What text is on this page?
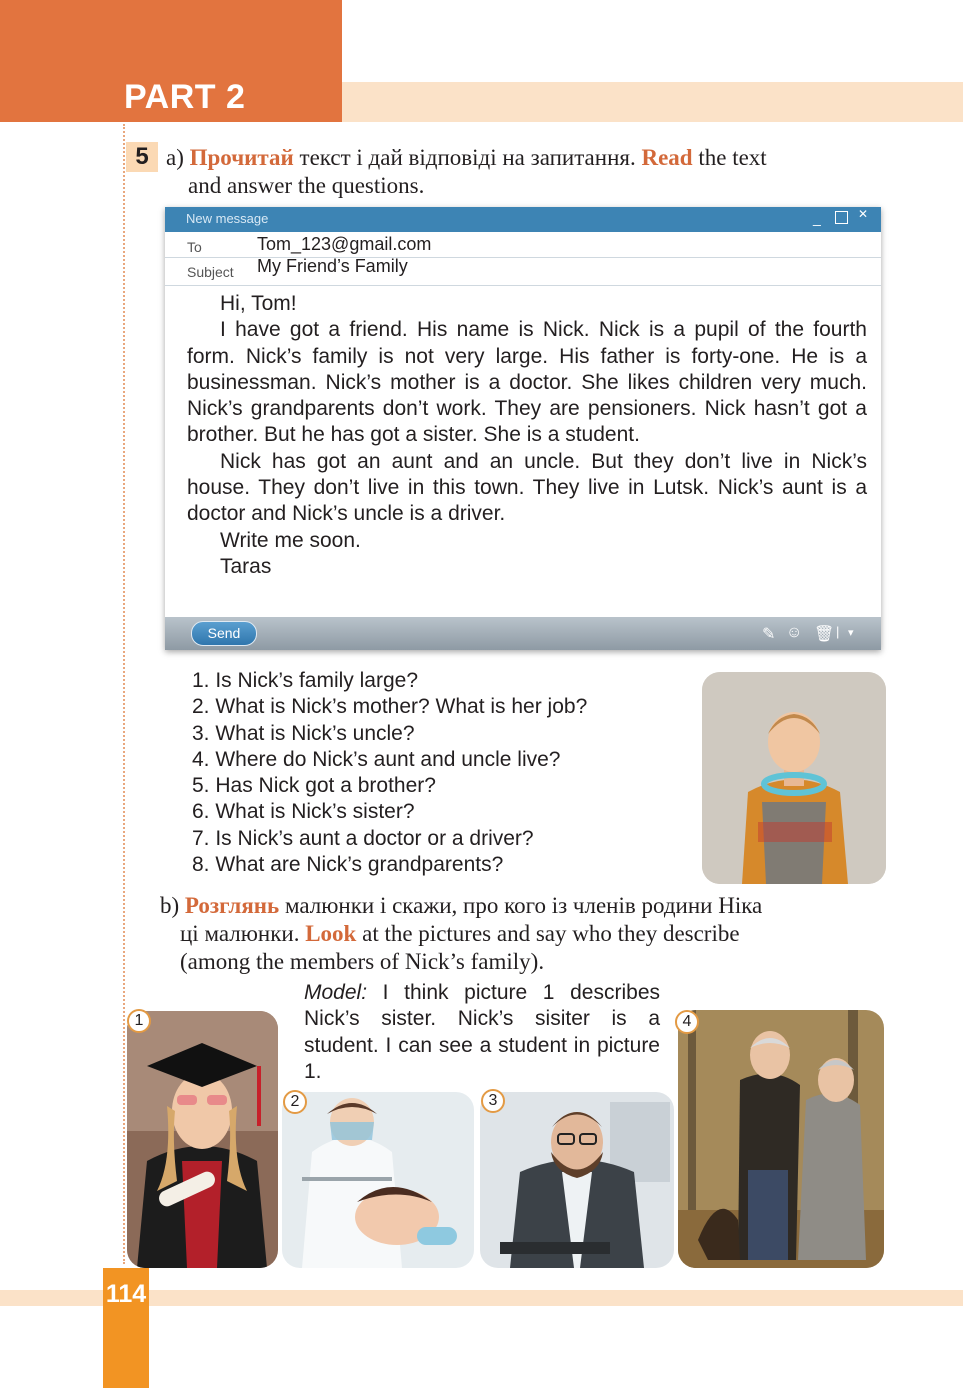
PART 2
5 a) Прочитай текст і дай відповіді на запитання. Read the text
and answer the questions.
New message	_	✕
To	Tom_123@gmail.com
Subject My Friend’s Family

Hi, Tom!

I have got a friend. His name is Nick. Nick is a pupil of the fourth form. Nick’s family is not very large. His father is forty-one. He is a businessman. Nick’s mother is a doctor. She likes children very much. Nick’s grandparents don’t work. They are pensioners. Nick hasn’t got a brother. But he has got a sister. She is a student.

Nick has got an aunt and an uncle. But they don’t live in Nick’s house. They don’t live in this town. They live in Lutsk. Nick’s aunt is a doctor and Nick’s uncle is a driver.

Write me soon.

Taras

Send	✎ ☺ 🗑 | ▾
1. Is Nick’s family large?
2. What is Nick’s mother? What is her job?
3. What is Nick’s uncle?
4. Where do Nick’s aunt and uncle live?
5. Has Nick got a brother?
6. What is Nick’s sister?
7. Is Nick’s aunt a doctor or a driver?
8. What are Nick’s grandparents?
b) Розглянь малюнки і скажи, про кого із членів родини Ніка
ці малюнки. Look at the pictures and say who they describe
(among the members of Nick’s family).
Model: I think picture 1 describes Nick’s sister. Nick’s sisiter is a student. I can see a student in picture 1.
1
2	3
4
114
